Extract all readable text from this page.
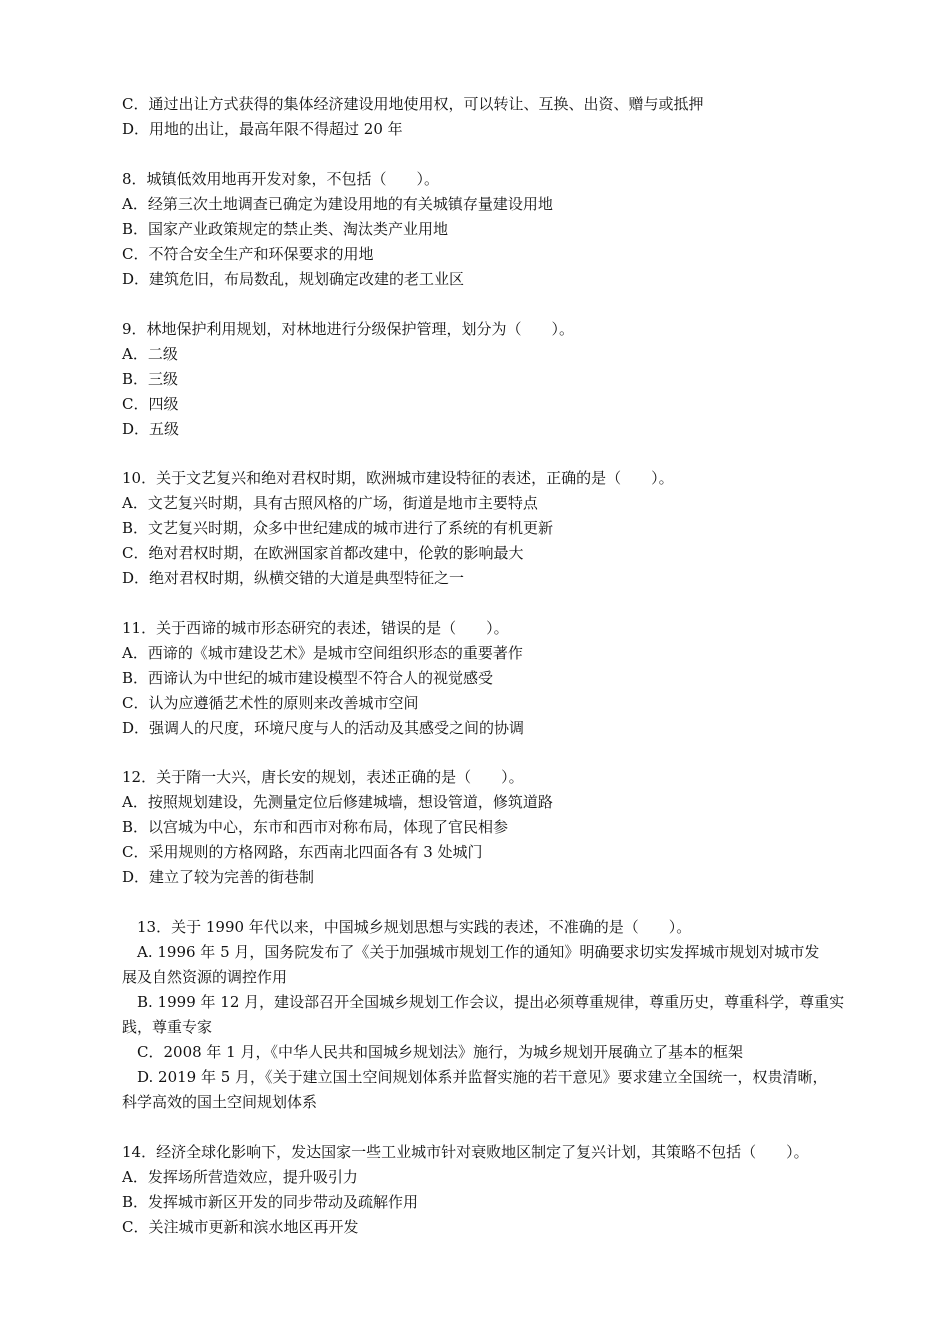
C．通过出让方式获得的集体经济建设用地使用权，可以转让、互换、出资、赠与或抵押
D．用地的出让，最高年限不得超过 20 年
8．城镇低效用地再开发对象，不包括（　　）。
A．经第三次土地调查已确定为建设用地的有关城镇存量建设用地
B．国家产业政策规定的禁止类、淘汰类产业用地
C．不符合安全生产和环保要求的用地
D．建筑危旧，布局数乱，规划确定改建的老工业区
9．林地保护利用规划，对林地进行分级保护管理，划分为（　　）。
A．二级
B．三级
C．四级
D．五级
10．关于文艺复兴和绝对君权时期，欧洲城市建设特征的表述，正确的是（　　）。
A．文艺复兴时期，具有古照风格的广场，街道是地市主要特点
B．文艺复兴时期，众多中世纪建成的城市进行了系统的有机更新
C．绝对君权时期，在欧洲国家首都改建中，伦敦的影响最大
D．绝对君权时期，纵横交错的大道是典型特征之一
11．关于西谛的城市形态研究的表述，错误的是（　　）。
A．西谛的《城市建设艺术》是城市空间组织形态的重要著作
B．西谛认为中世纪的城市建设模型不符合人的视觉感受
C．认为应遵循艺术性的原则来改善城市空间
D．强调人的尺度，环境尺度与人的活动及其感受之间的协调
12．关于隋一大兴，唐长安的规划，表述正确的是（　　）。
A．按照规划建设，先测量定位后修建城墙，想设管道，修筑道路
B．以宫城为中心，东市和西市对称布局，体现了官民相参
C．采用规则的方格网路，东西南北四面各有 3 处城门
D．建立了较为完善的街巷制
13．关于 1990 年代以来，中国城乡规划思想与实践的表述，不准确的是（　　）。
A. 1996 年 5 月，国务院发布了《关于加强城市规划工作的通知》明确要求切实发挥城市规划对城市发
展及自然资源的调控作用
B. 1999 年 12 月，建设部召开全国城乡规划工作会议，提出必须尊重规律，尊重历史，尊重科学，尊重实
践，尊重专家
C．2008 年 1 月，《中华人民共和国城乡规划法》施行，为城乡规划开展确立了基本的框架
D. 2019 年 5 月，《关于建立国土空间规划体系并监督实施的若干意见》要求建立全国统一，权贵清晰，
科学高效的国土空间规划体系
14．经济全球化影响下，发达国家一些工业城市针对衰败地区制定了复兴计划，其策略不包括（　　）。
A．发挥场所营造效应，提升吸引力
B．发挥城市新区开发的同步带动及疏解作用
C．关注城市更新和滨水地区再开发
